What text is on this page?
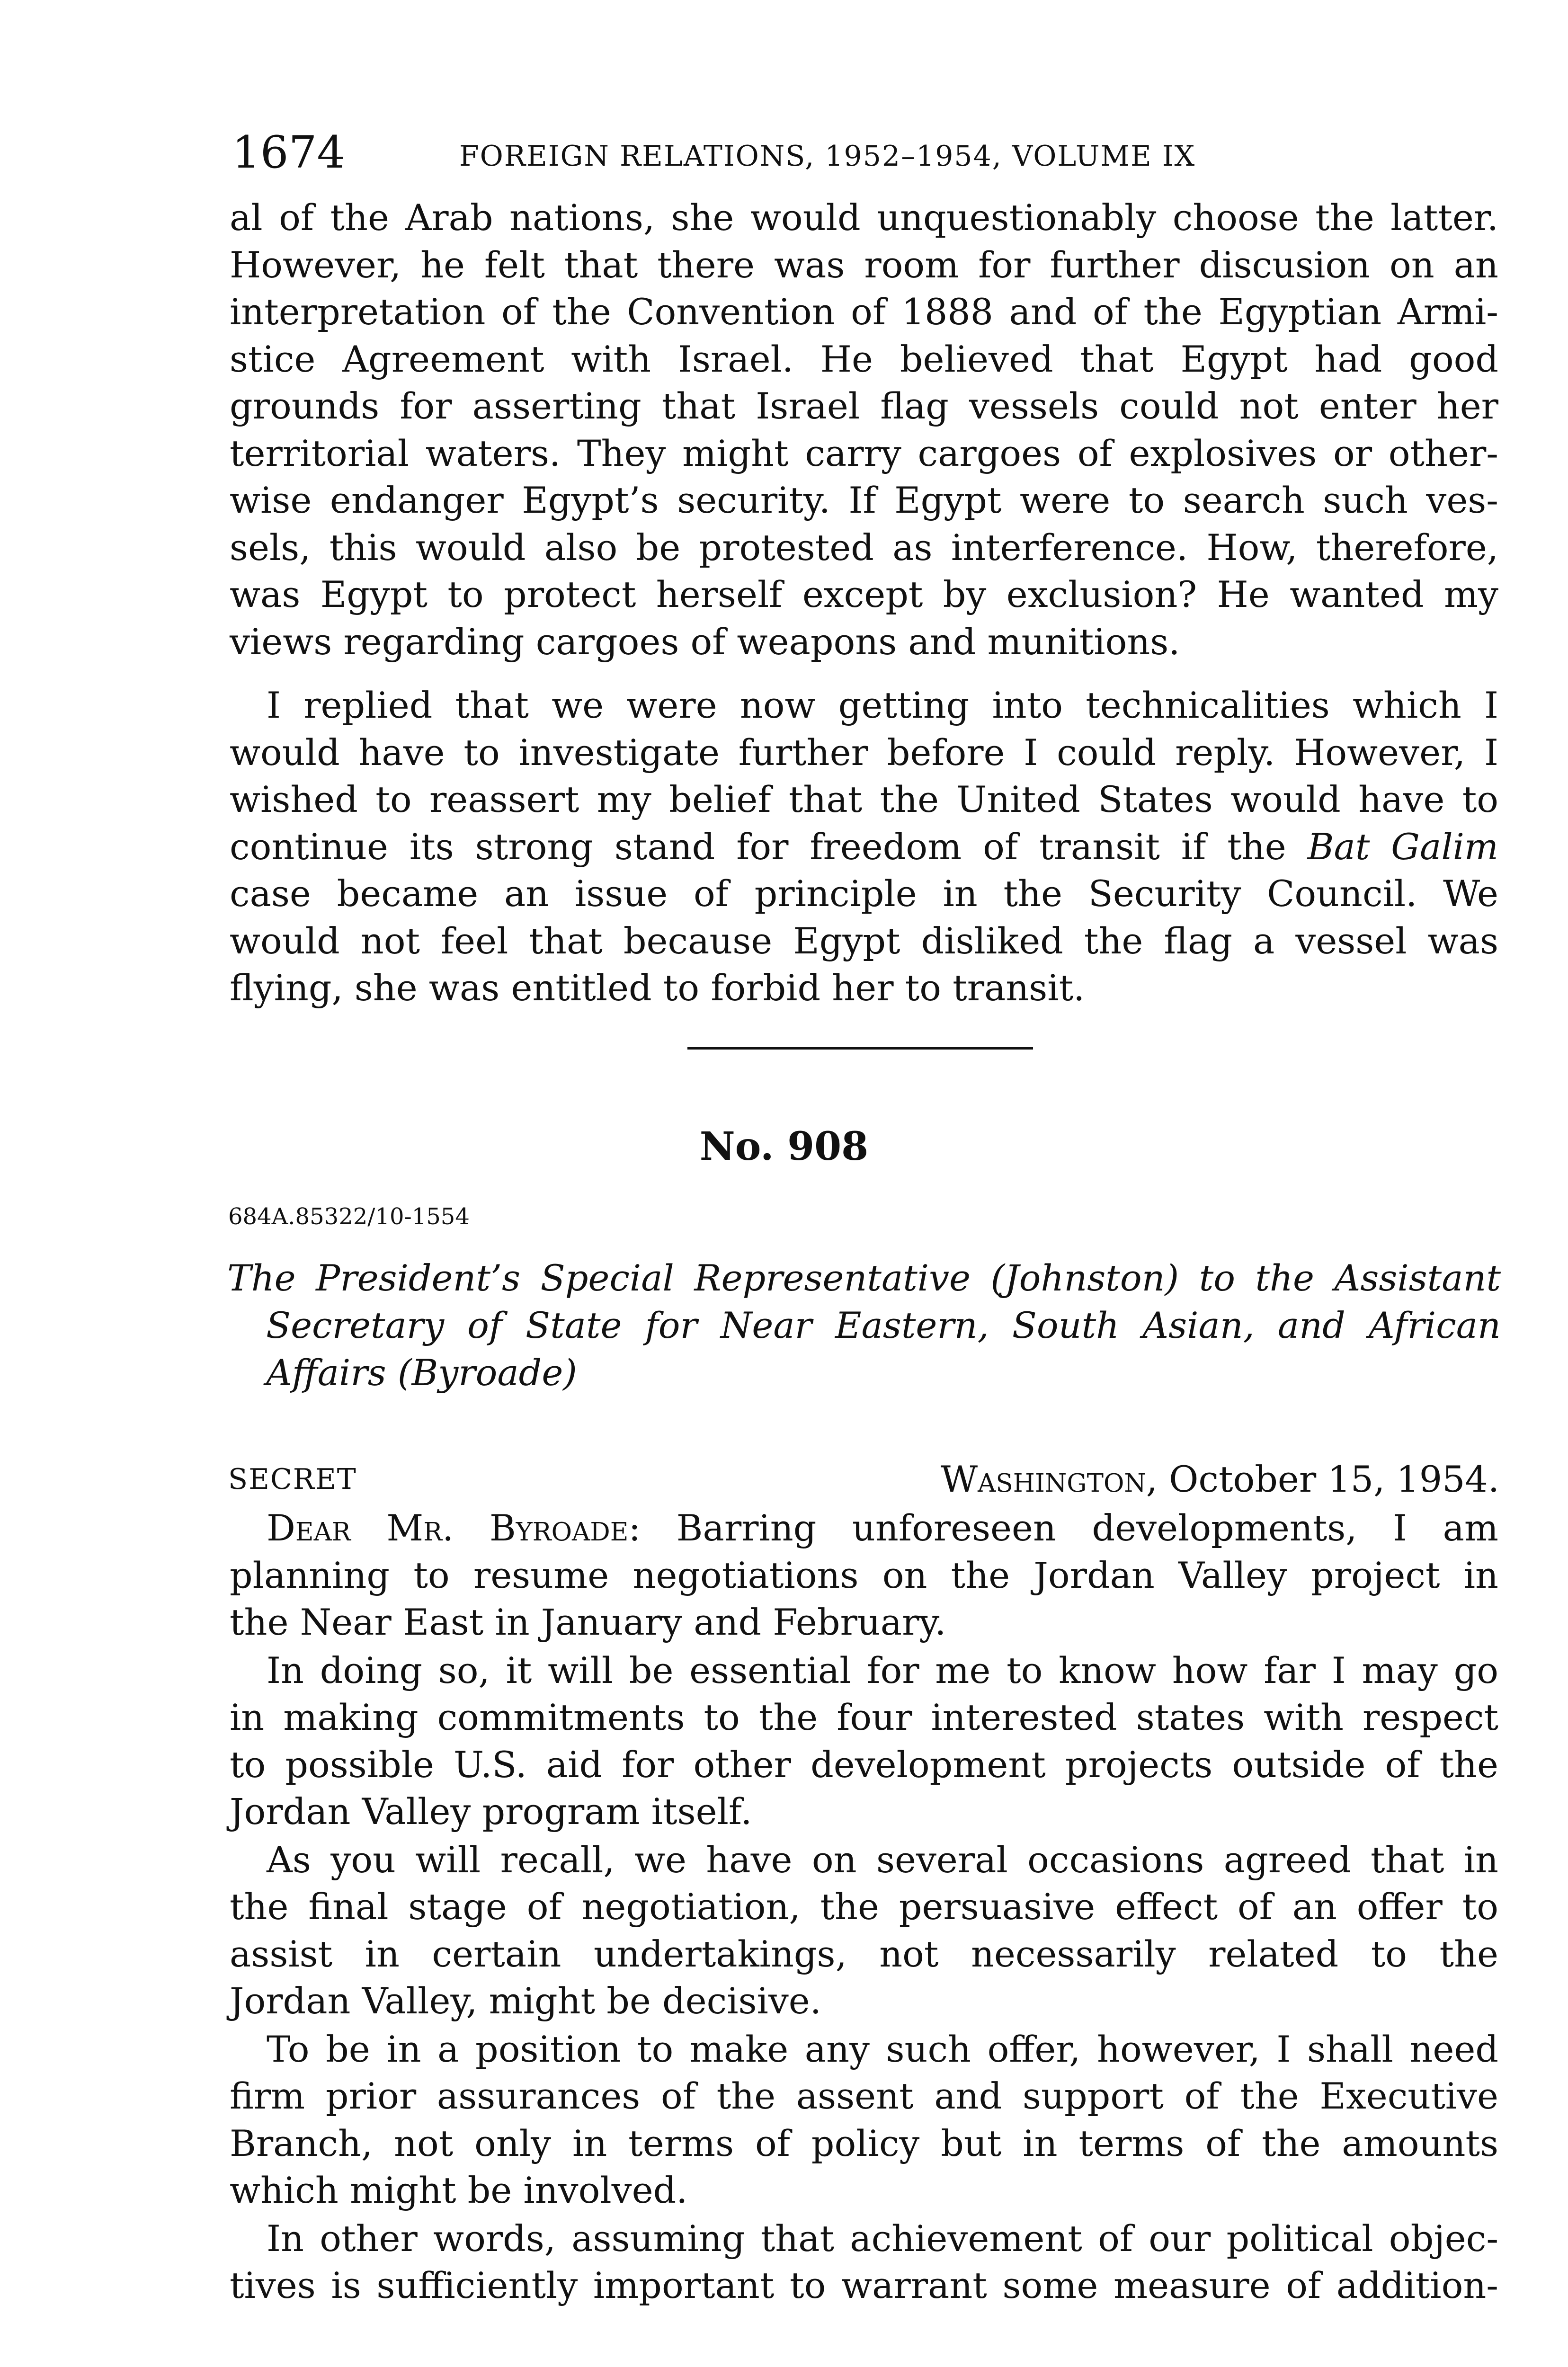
1674	FOREIGN RELATIONS, 1952–1954, VOLUME IX

al of the Arab nations, she would unquestionably choose the latter.
However, he felt that there was room for further discusion on an
interpretation of the Convention of 1888 and of the Egyptian Armi-
stice Agreement with Israel. He believed that Egypt had good
grounds for asserting that Israel flag vessels could not enter her
territorial waters. They might carry cargoes of explosives or other-
wise endanger Egypt’s security. If Egypt were to search such ves-
sels, this would also be protested as interference. How, therefore,
was Egypt to protect herself except by exclusion? He wanted my
views regarding cargoes of weapons and munitions.

I replied that we were now getting into technicalities which I
would have to investigate further before I could reply. However, I
wished to reassert my belief that the United States would have to
continue its strong stand for freedom of transit if the Bat Galim
case became an issue of principle in the Security Council. We
would not feel that because Egypt disliked the flag a vessel was
flying, she was entitled to forbid her to transit.

No. 908
684A.85322/10-1554
The President’s Special Representative (Johnston) to the Assistant
Secretary of State for Near Eastern, South Asian, and African
Affairs (Byroade)
SECRET	Washington, October 15, 1954.

Dear Mr. Byroade: Barring unforeseen developments, I am
planning to resume negotiations on the Jordan Valley project in
the Near East in January and February.

In doing so, it will be essential for me to know how far I may go
in making commitments to the four interested states with respect
to possible U.S. aid for other development projects outside of the
Jordan Valley program itself.

As you will recall, we have on several occasions agreed that in
the final stage of negotiation, the persuasive effect of an offer to
assist in certain undertakings, not necessarily related to the
Jordan Valley, might be decisive.

To be in a position to make any such offer, however, I shall need
firm prior assurances of the assent and support of the Executive
Branch, not only in terms of policy but in terms of the amounts
which might be involved.

In other words, assuming that achievement of our political objec-
tives is sufficiently important to warrant some measure of addition-
